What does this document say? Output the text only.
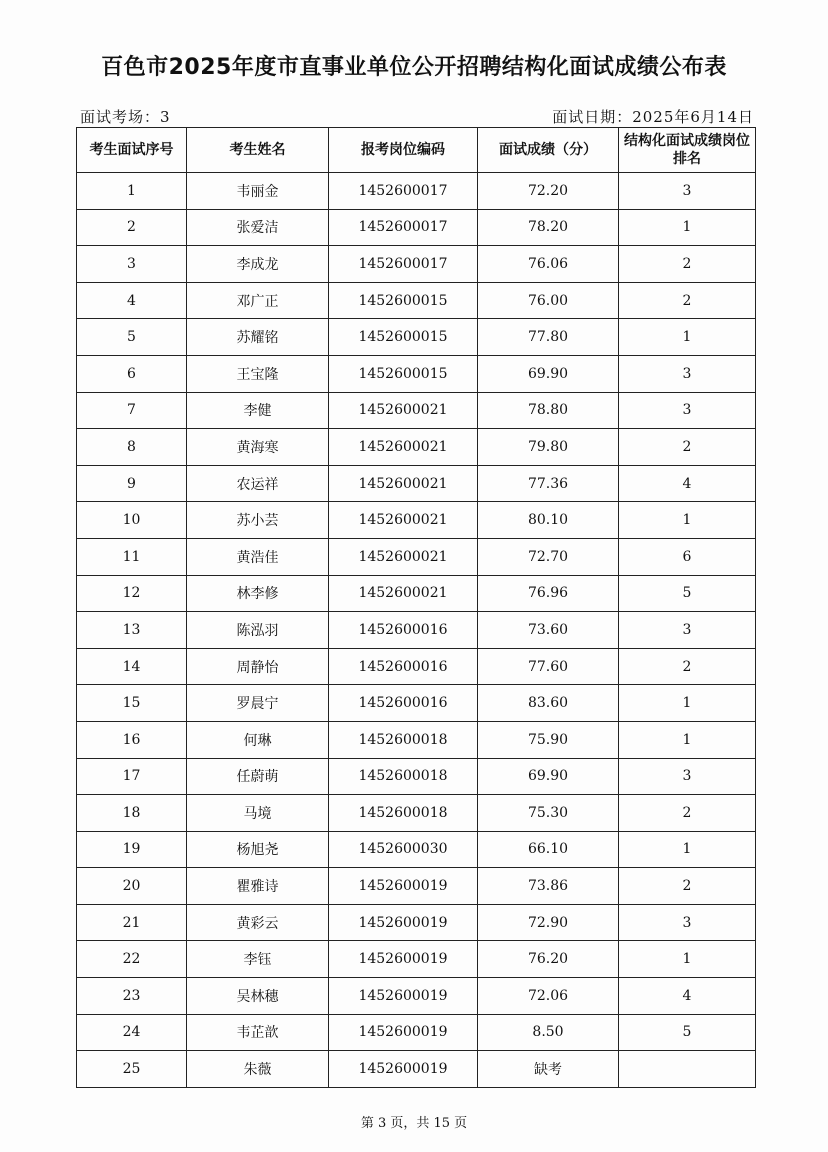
百色市2025年度市直事业单位公开招聘结构化面试成绩公布表
面试考场：3	面试日期：2025年6月14日
考生面试序号	考生姓名	报考岗位编码	面试成绩（分）	结构化面试成绩岗位排名
1	韦丽金	1452600017	72.20	3
2	张爱洁	1452600017	78.20	1
3	李成龙	1452600017	76.06	2
4	邓广正	1452600015	76.00	2
5	苏耀铭	1452600015	77.80	1
6	王宝隆	1452600015	69.90	3
7	李健	1452600021	78.80	3
8	黄海寒	1452600021	79.80	2
9	农运祥	1452600021	77.36	4
10	苏小芸	1452600021	80.10	1
11	黄浩佳	1452600021	72.70	6
12	林李修	1452600021	76.96	5
13	陈泓羽	1452600016	73.60	3
14	周静怡	1452600016	77.60	2
15	罗晨宁	1452600016	83.60	1
16	何琳	1452600018	75.90	1
17	任蔚萌	1452600018	69.90	3
18	马境	1452600018	75.30	2
19	杨旭尧	1452600030	66.10	1
20	瞿雅诗	1452600019	73.86	2
21	黄彩云	1452600019	72.90	3
22	李钰	1452600019	76.20	1
23	吴林穗	1452600019	72.06	4
24	韦芷歆	1452600019	8.50	5
25	朱薇	1452600019	缺考	
第 3 页，共 15 页
